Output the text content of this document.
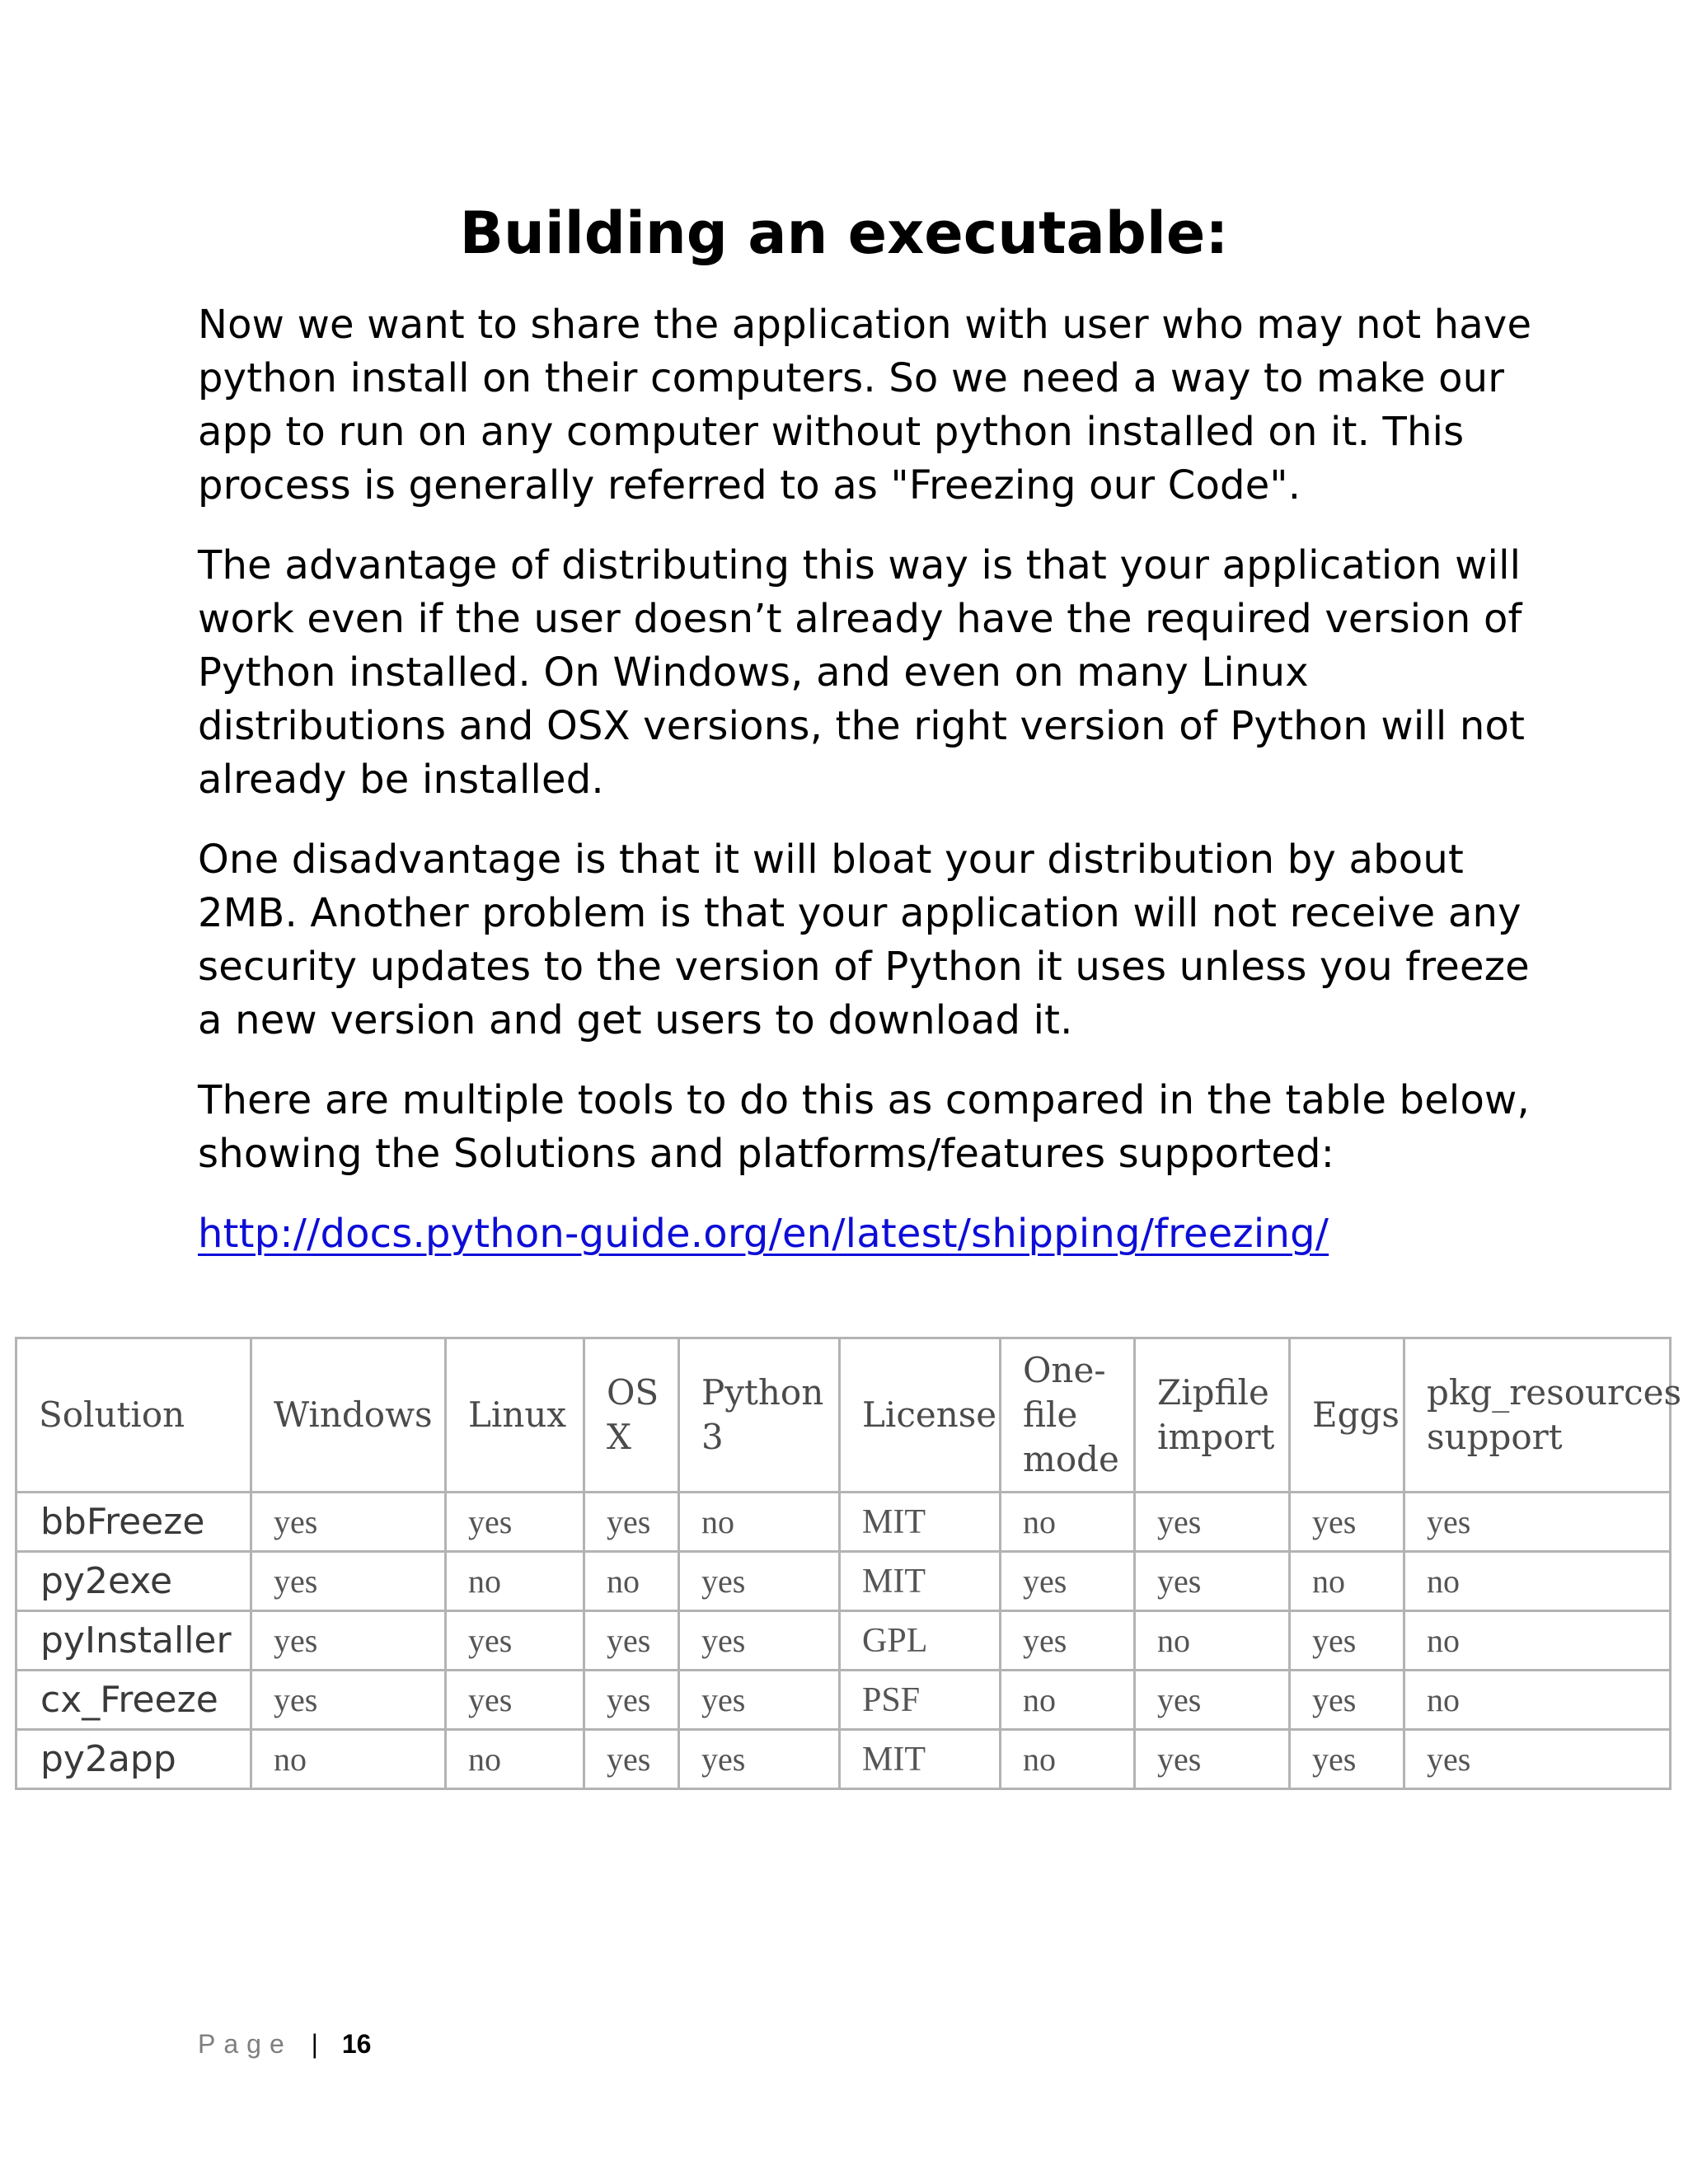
Building an executable:

Now we want to share the application with user who may not have python install on their computers. So we need a way to make our app to run on any computer without python installed on it. This process is generally referred to as "Freezing our Code".

The advantage of distributing this way is that your application will work even if the user doesn’t already have the required version of Python installed. On Windows, and even on many Linux distributions and OSX versions, the right version of Python will not already be installed.

One disadvantage is that it will bloat your distribution by about 2MB. Another problem is that your application will not receive any security updates to the version of Python it uses unless you freeze a new version and get users to download it.

There are multiple tools to do this as compared in the table below, showing the Solutions and platforms/features supported:

http://docs.python-guide.org/en/latest/shipping/freezing/

Solution	Windows	Linux	OS X	Python 3	License	One-file mode	Zipfile import	Eggs	pkg_resources support
bbFreeze	yes	yes	yes	no	MIT	no	yes	yes	yes
py2exe	yes	no	no	yes	MIT	yes	yes	no	no
pyInstaller	yes	yes	yes	yes	GPL	yes	no	yes	no
cx_Freeze	yes	yes	yes	yes	PSF	no	yes	yes	no
py2app	no	no	yes	yes	MIT	no	yes	yes	yes
Page | 16
